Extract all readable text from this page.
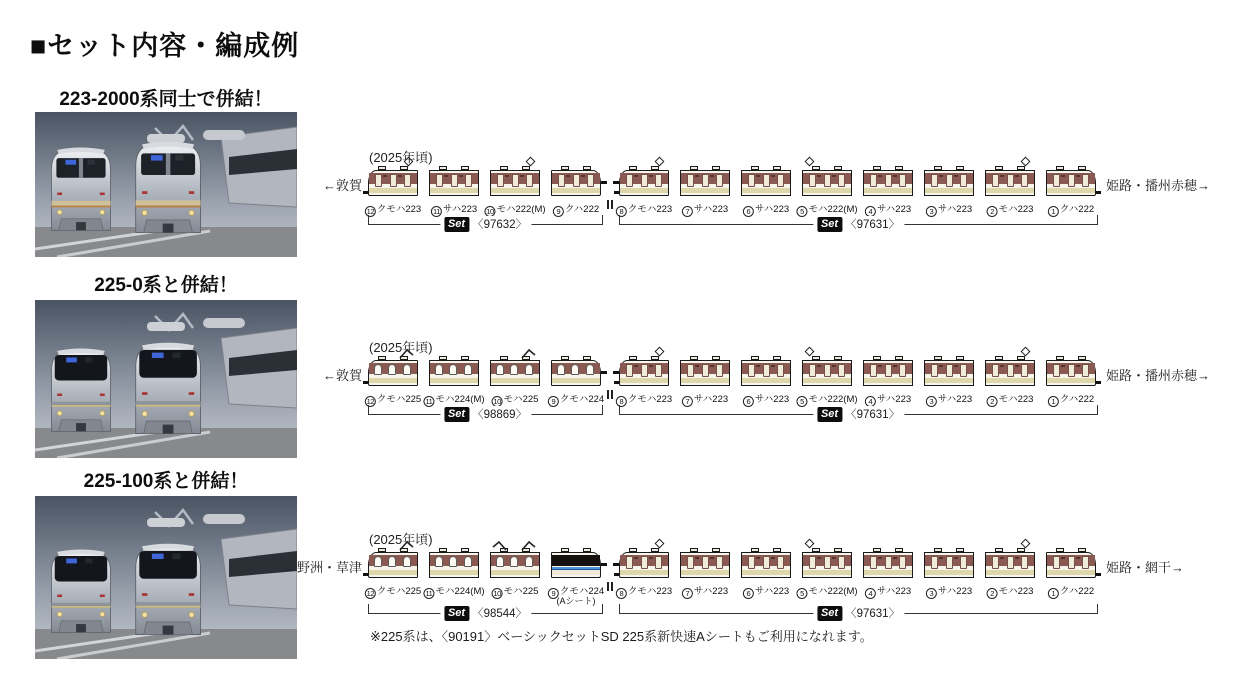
■セット内容・編成例
223-2000系同士で併結！
225-0系と併結！
225-100系と併結！
(2025年頃)
←敦賀	姫路・播州赤穂→
12 クモハ223 11 サハ223 10 モハ222(M)	9 クハ222	8 クモハ223	7 サハ223	6 サハ223	5 モハ222(M)	4 サハ223	3 サハ223	2 モハ223	1 クハ222
Set 〈97632〉	Set 〈97631〉
(2025年頃)
←敦賀	姫路・播州赤穂→
12 クモハ225 11 モハ224(M) 10 モハ225	9 クモハ224	8 クモハ223	7 サハ223	6 サハ223	5 モハ222(M)	4 サハ223	3 サハ223	2 モハ223	1 クハ222
Set 〈98869〉	Set 〈97631〉
(2025年頃)
←野洲・草津	姫路・網干→
12 クモハ225 11 モハ224(M) 10 モハ225	9 クモハ224
(Aシート)
8 クモハ223	7 サハ223	6 サハ223	5 モハ222(M)	4 サハ223	3 サハ223	2 モハ223	1 クハ222
Set 〈98544〉	Set 〈97631〉
※225系は、〈90191〉ベーシックセットSD 225系新快速Aシートもご利用になれます。
